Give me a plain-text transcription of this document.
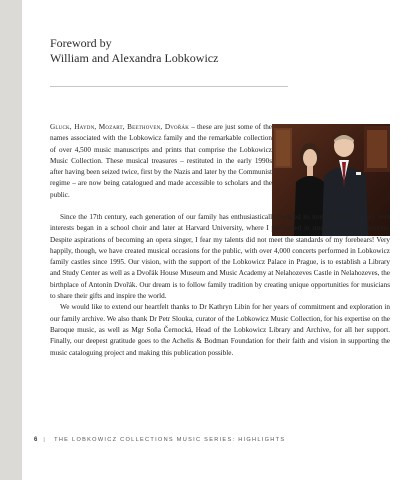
Foreword by
William and Alexandra Lobkowicz

Gluck, Haydn, Mozart, Beethoven, Dvořák – these are just some of the names associated with the Lobkowicz family and the remarkable collection of over 4,500 music manuscripts and prints that comprise the Lobkowicz Music Collection. These musical treasures – restituted in the early 1990s after having been seized twice, first by the Nazis and later by the Communist regime – are now being catalogued and made accessible to scholars and the public.

Since the 17th century, each generation of our family has enthusiastically pursued its musical passions. My own interests began in a school choir and later at Harvard University, where I performed in student opera productions. Despite aspirations of becoming an opera singer, I fear my talents did not meet the standards of my forebears! Very happily, though, we have created musical occasions for the public, with over 4,000 concerts performed in Lobkowicz family castles since 1995. Our vision, with the support of the Lobkowicz Palace in Prague, is to establish a Library and Study Center as well as a Dvořák House Museum and Music Academy at Nelahozeves Castle in Nelahozeves, the birthplace of Antonín Dvořák. Our dream is to follow family tradition by creating unique opportunities for musicians to share their gifts and inspire the world.

We would like to extend our heartfelt thanks to Dr Kathryn Libin for her years of commitment and exploration in our family archive. We also thank Dr Petr Slouka, curator of the Lobkowicz Music Collection, for his expertise on the Baroque music, as well as Mgr Soňa Černocká, Head of the Lobkowicz Library and Archive, for all her support. Finally, our deepest gratitude goes to the Achelis & Bodman Foundation for their faith and vision in supporting the music cataloguing project and making this publication possible.

6 | THE LOBKOWICZ COLLECTIONS MUSIC SERIES: HIGHLIGHTS
